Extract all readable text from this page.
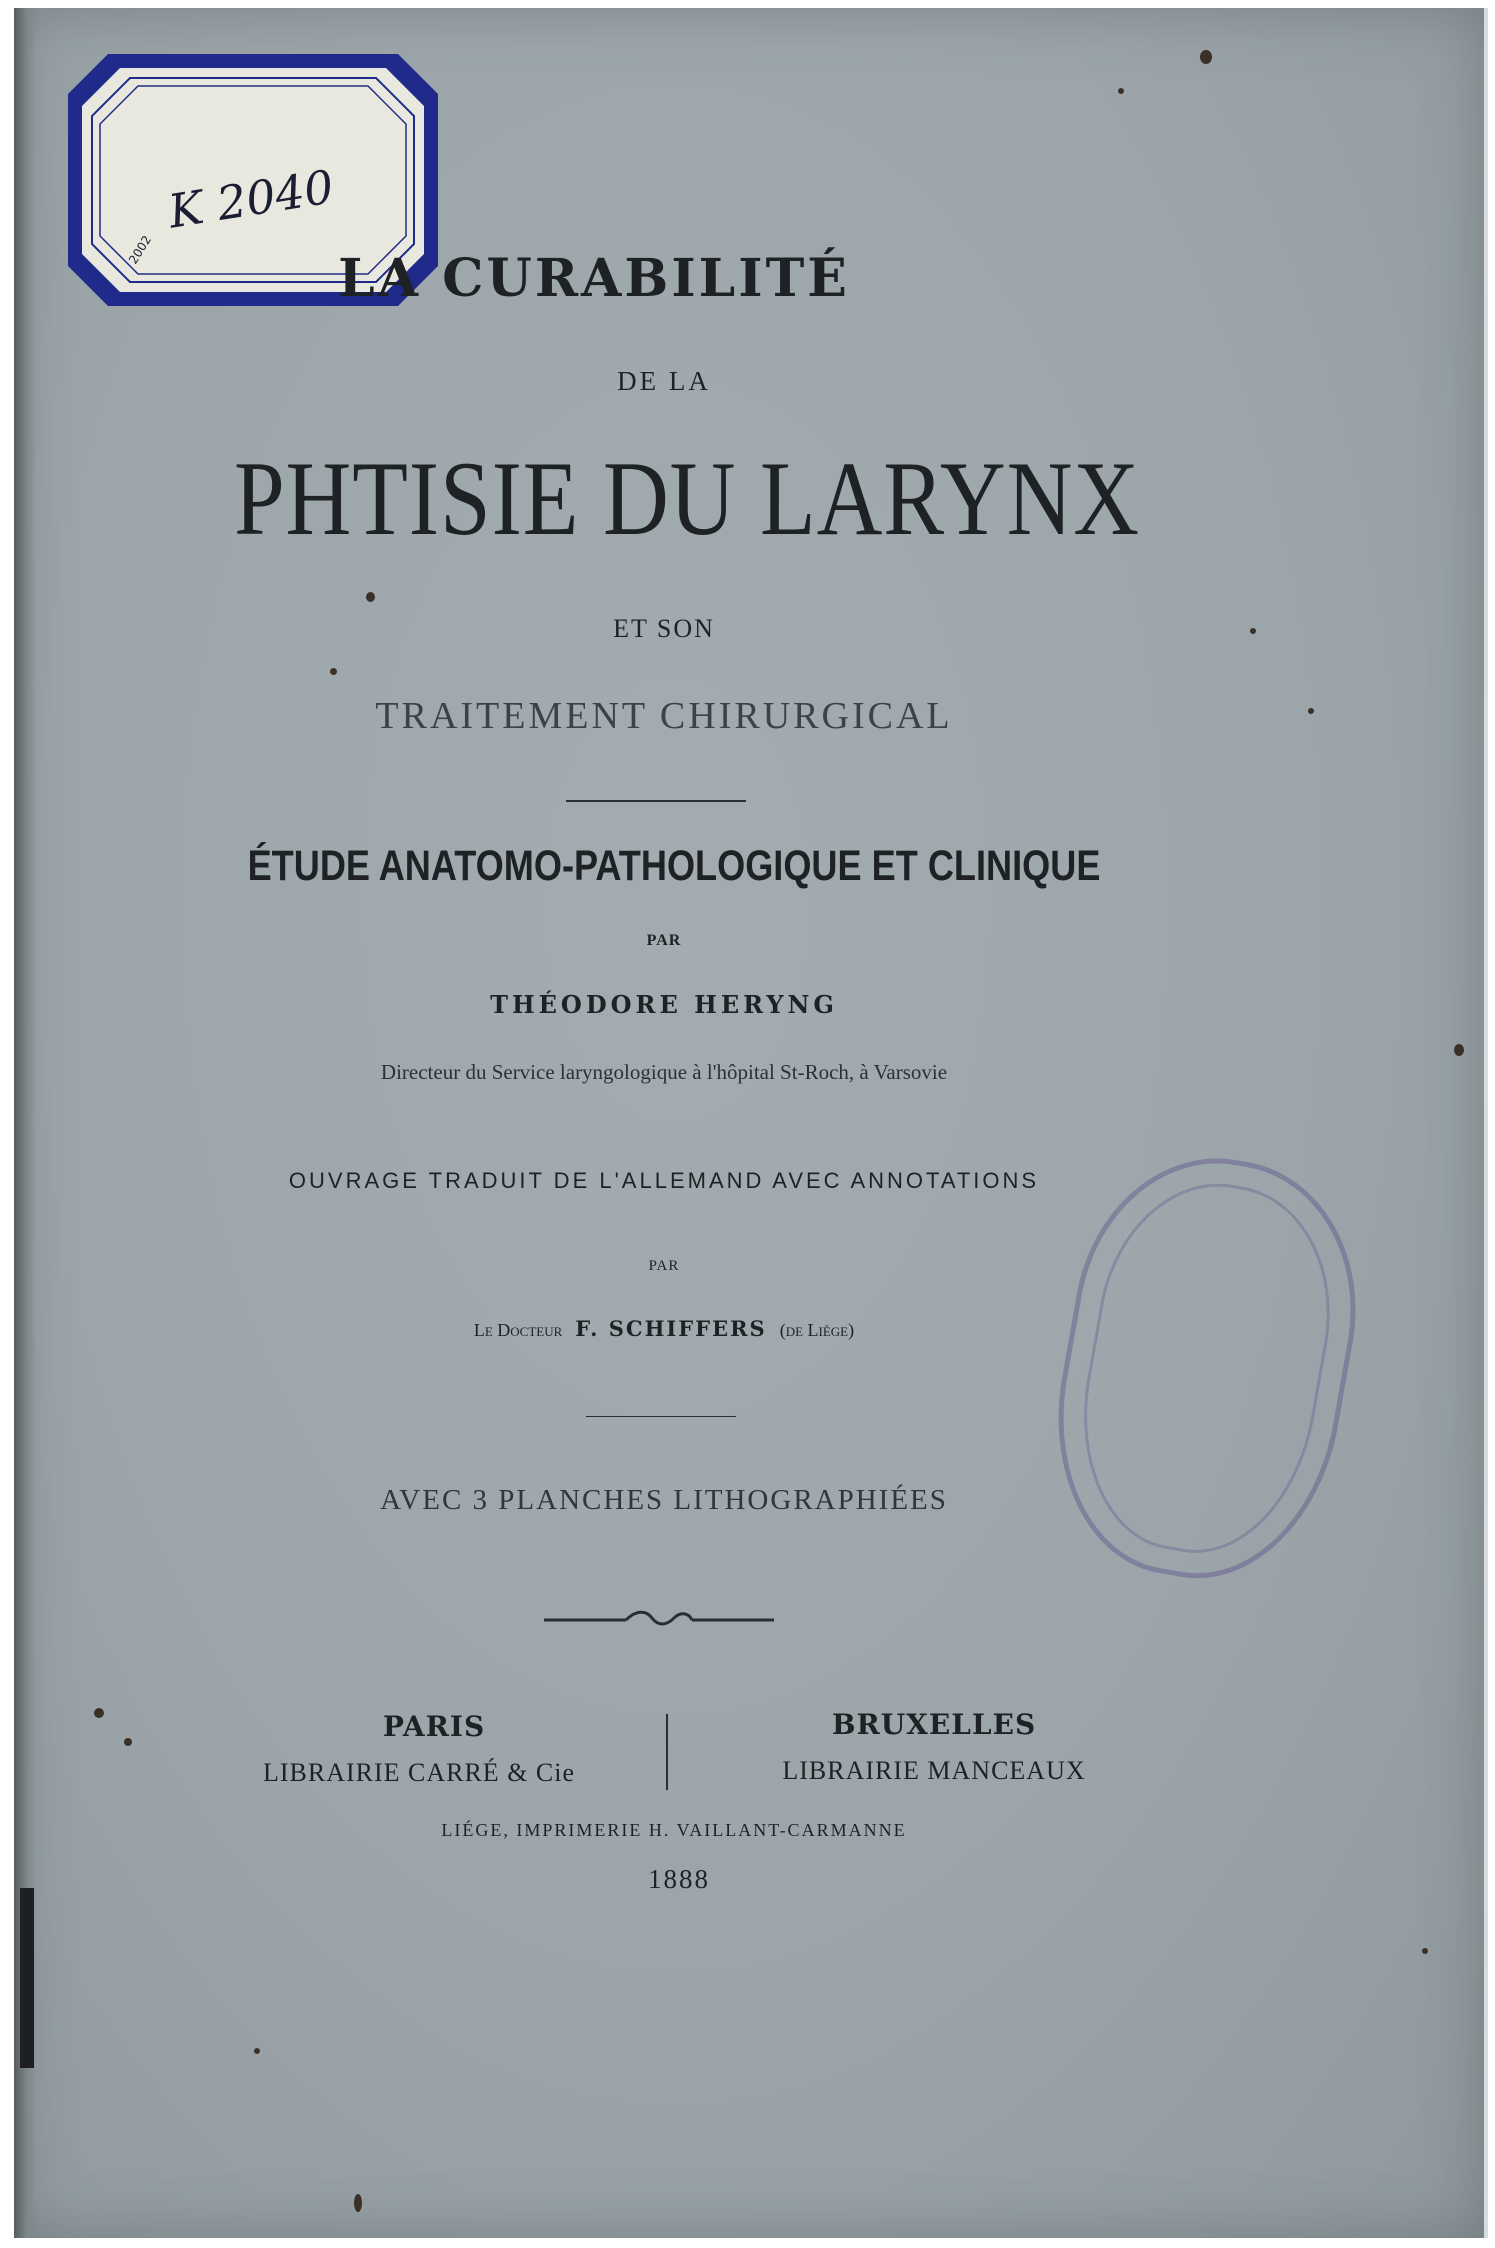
K 2040
2002	LA CURABILITÉ
DE LA
PHTISIE DU LARYNX
ET SON
TRAITEMENT CHIRURGICAL
ÉTUDE ANATOMO-PATHOLOGIQUE ET CLINIQUE
PAR
THÉODORE HERYNG
Directeur du Service laryngologique à l'hôpital St-Roch, à Varsovie
OUVRAGE TRADUIT DE L'ALLEMAND AVEC ANNOTATIONS
PAR
Le Docteur F. SCHIFFERS (de Liège)
AVEC 3 PLANCHES LITHOGRAPHIÉES
PARIS
LIBRAIRIE CARRÉ & Cie
BRUXELLES
LIBRAIRIE MANCEAUX
LIÉGE, IMPRIMERIE H. VAILLANT-CARMANNE
1888
